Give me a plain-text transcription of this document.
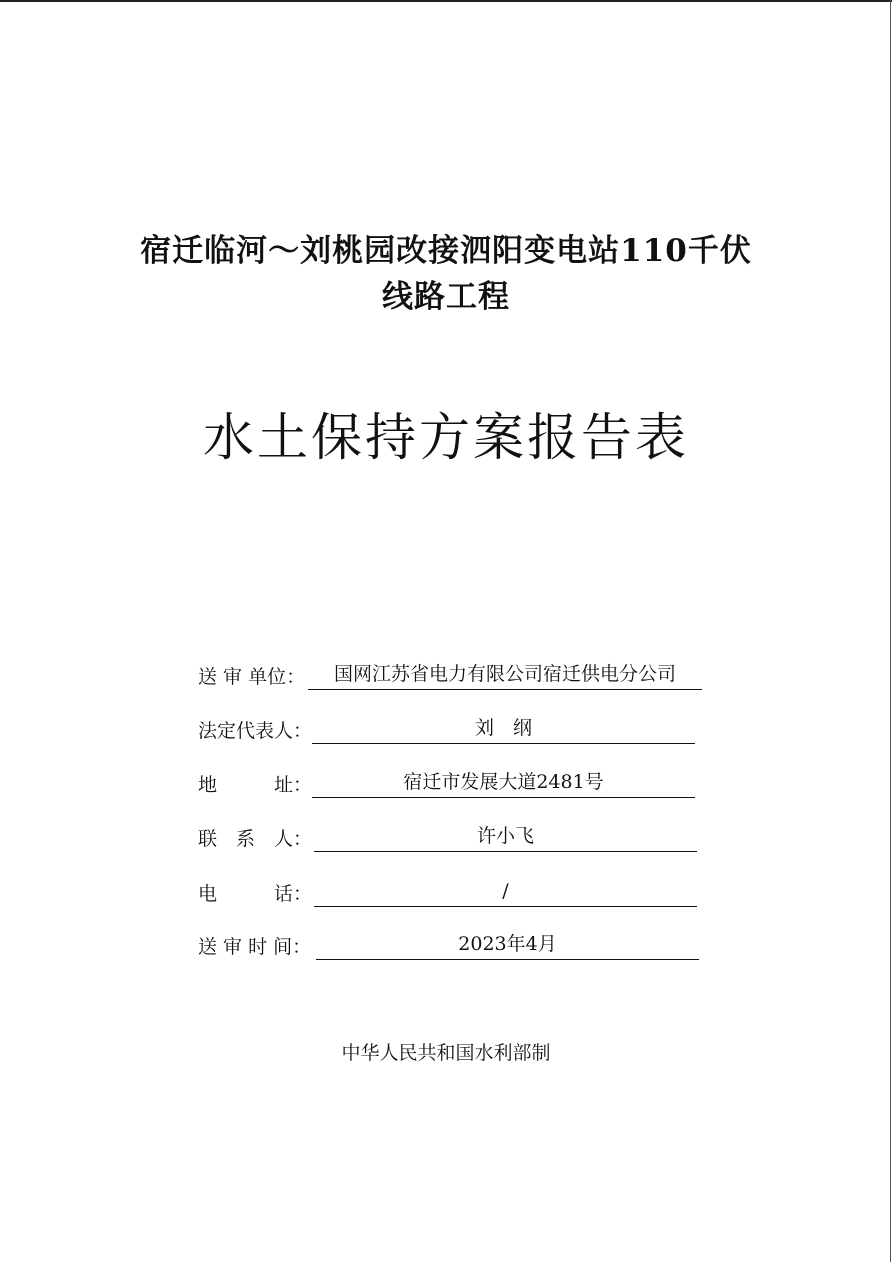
宿迁临河～刘桃园改接泗阳变电站110千伏
线路工程
水土保持方案报告表
送 审 单位：	国网江苏省电力有限公司宿迁供电分公司
法定代表人：	刘　纲
地　　　址：	宿迁市发展大道2481号
联　系　人：	许小飞
电　　　话：	/
送 审 时 间：	2023年4月
中华人民共和国水利部制
